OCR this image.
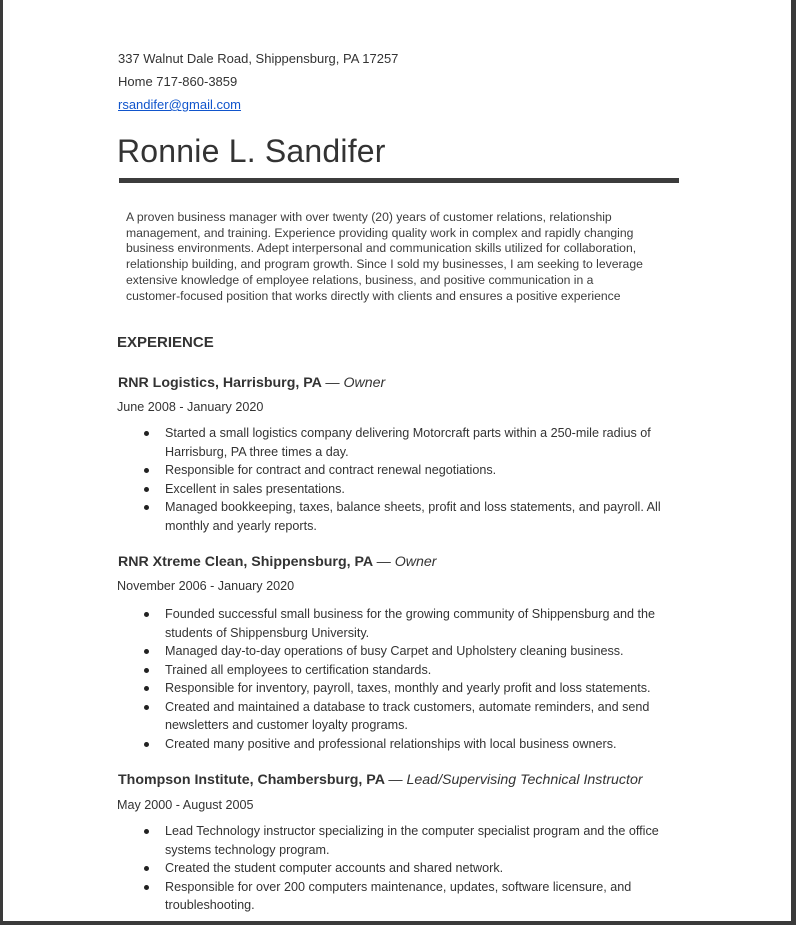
337 Walnut Dale Road, Shippensburg, PA 17257
Home 717-860-3859
rsandifer@gmail.com
Ronnie L. Sandifer
A proven business manager with over twenty (20) years of customer relations, relationship
management, and training. Experience providing quality work in complex and rapidly changing
business environments. Adept interpersonal and communication skills utilized for collaboration,
relationship building, and program growth. Since I sold my businesses, I am seeking to leverage
extensive knowledge of employee relations, business, and positive communication in a
customer-focused position that works directly with clients and ensures a positive experience
EXPERIENCE
RNR Logistics, Harrisburg, PA — Owner
June 2008 - January 2020
Started a small logistics company delivering Motorcraft parts within a 250-mile radius of
Harrisburg, PA three times a day.
Responsible for contract and contract renewal negotiations.
Excellent in sales presentations.
Managed bookkeeping, taxes, balance sheets, profit and loss statements, and payroll. All
monthly and yearly reports.
RNR Xtreme Clean, Shippensburg, PA — Owner
November 2006 - January 2020
Founded successful small business for the growing community of Shippensburg and the
students of Shippensburg University.
Managed day-to-day operations of busy Carpet and Upholstery cleaning business.
Trained all employees to certification standards.
Responsible for inventory, payroll, taxes, monthly and yearly profit and loss statements.
Created and maintained a database to track customers, automate reminders, and send
newsletters and customer loyalty programs.
Created many positive and professional relationships with local business owners.
Thompson Institute, Chambersburg, PA — Lead/Supervising Technical Instructor
May 2000 - August 2005
Lead Technology instructor specializing in the computer specialist program and the office
systems technology program.
Created the student computer accounts and shared network.
Responsible for over 200 computers maintenance, updates, software licensure, and
troubleshooting.
